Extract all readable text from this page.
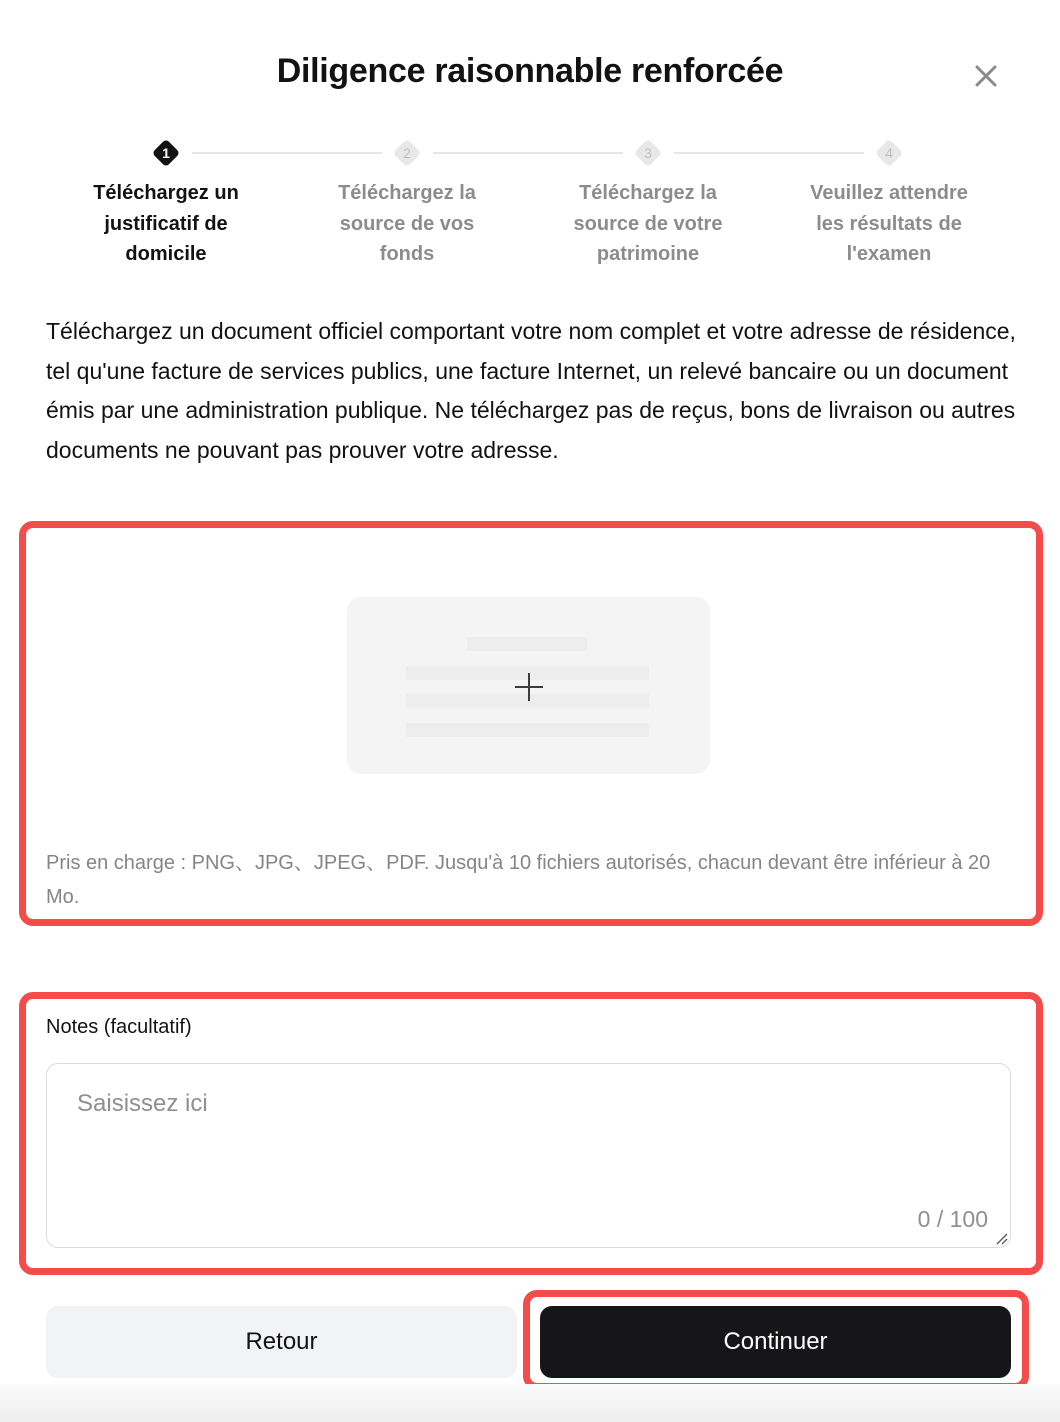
Diligence raisonnable renforcée
1
Téléchargez un
justificatif de
domicile
2
Téléchargez la
source de vos
fonds
3
Téléchargez la
source de votre
patrimoine
4
Veuillez attendre
les résultats de
l'examen

Téléchargez un document officiel comportant votre nom complet et votre adresse de résidence, tel qu'une facture de services publics, une facture Internet, un relevé bancaire ou un document émis par une administration publique. Ne téléchargez pas de reçus, bons de livraison ou autres documents ne pouvant pas prouver votre adresse.

Pris en charge : PNG、JPG、JPEG、PDF. Jusqu'à 10 fichiers autorisés, chacun devant être inférieur à 20 Mo.

Notes (facultatif)
Saisissez ici
0 / 100
Retour	Continuer
